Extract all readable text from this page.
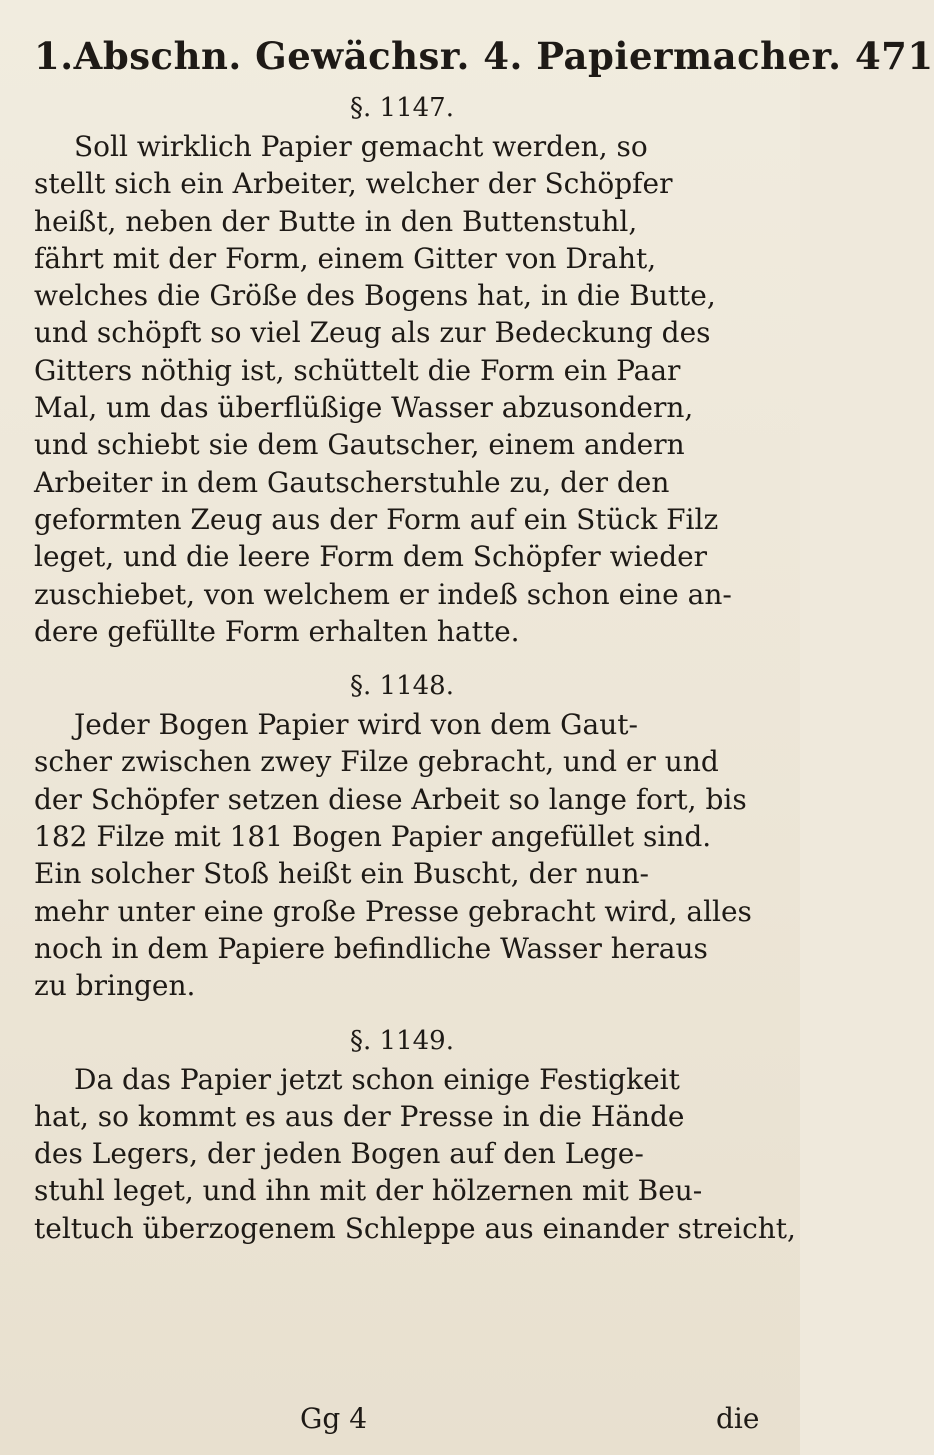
1.Abschn. Gewächsr. 4. Papiermacher. 471
§. 1147.

Soll wirklich Papier gemacht werden, so
stellt sich ein Arbeiter, welcher der Schöpfer
heißt, neben der Butte in den Buttenstuhl,
fährt mit der Form, einem Gitter von Draht,
welches die Größe des Bogens hat, in die Butte,
und schöpft so viel Zeug als zur Bedeckung des
Gitters nöthig ist, schüttelt die Form ein Paar
Mal, um das überflüßige Wasser abzusondern,
und schiebt sie dem Gautscher, einem andern
Arbeiter in dem Gautscherstuhle zu, der den
geformten Zeug aus der Form auf ein Stück Filz
leget, und die leere Form dem Schöpfer wieder
zuschiebet, von welchem er indeß schon eine an-
dere gefüllte Form erhalten hatte.

§. 1148.

Jeder Bogen Papier wird von dem Gaut-
scher zwischen zwey Filze gebracht, und er und
der Schöpfer setzen diese Arbeit so lange fort, bis
182 Filze mit 181 Bogen Papier angefüllet sind.
Ein solcher Stoß heißt ein Buscht, der nun-
mehr unter eine große Presse gebracht wird, alles
noch in dem Papiere befindliche Wasser heraus
zu bringen.

§. 1149.

Da das Papier jetzt schon einige Festigkeit
hat, so kommt es aus der Presse in die Hände
des Legers, der jeden Bogen auf den Lege-
stuhl leget, und ihn mit der hölzernen mit Beu-
teltuch überzogenem Schleppe aus einander streicht,

Gg 4	die
